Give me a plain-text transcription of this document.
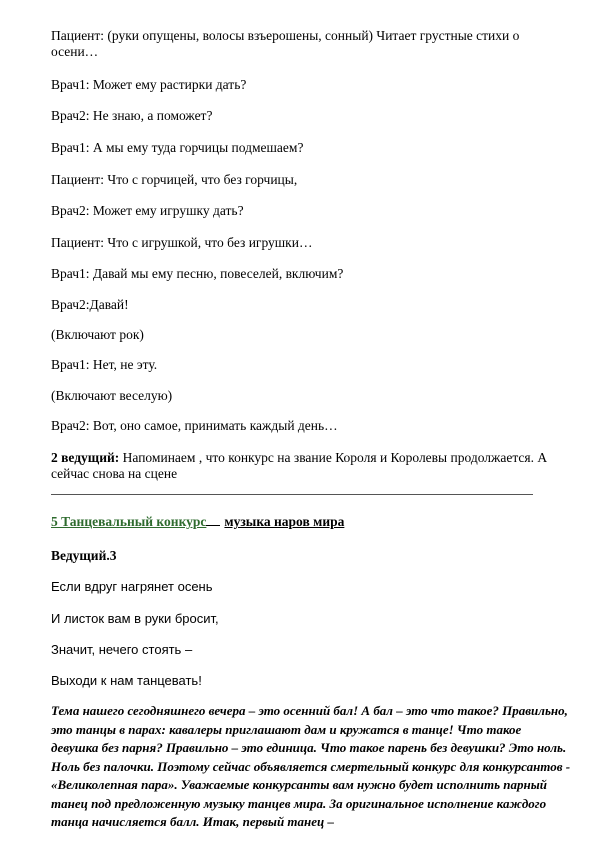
Пациент: (руки опущены, волосы взъерошены, сонный) Читает грустные стихи о осени…
Врач1: Может ему растирки дать?
Врач2: Не знаю, а поможет?
Врач1: А мы ему туда горчицы подмешаем?
Пациент: Что с горчицей, что без горчицы,
Врач2: Может ему игрушку дать?
Пациент: Что с игрушкой, что без игрушки…
Врач1: Давай мы ему песню, повеселей, включим?
Врач2:Давай!
(Включают рок)
Врач1: Нет, не эту.
(Включают веселую)
Врач2: Вот, оно самое, принимать каждый день…
2 ведущий: Напоминаем , что конкурс на звание Короля и Королевы продолжается. А сейчас снова на сцене
5 Танцевальный конкурс музыка наров мира
Ведущий.3
Если вдруг нагрянет осень
И листок вам в руки бросит,
Значит, нечего стоять –
Выходи к нам танцевать!
Тема нашего сегодняшнего вечера – это осенний бал! А бал – это что такое? Правильно, это танцы в парах: кавалеры приглашают дам и кружатся в танце! Что такое девушка без парня? Правильно – это единица. Что такое парень без девушки? Это ноль. Ноль без палочки. Поэтому сейчас объявляется смертельный конкурс для конкурсантов - «Великолепная пара». Уважаемые конкурсанты вам нужно будет исполнить парный танец под предложенную музыку танцев мира. За оригинальное исполнение каждого танца начисляется балл. Итак, первый танец –
